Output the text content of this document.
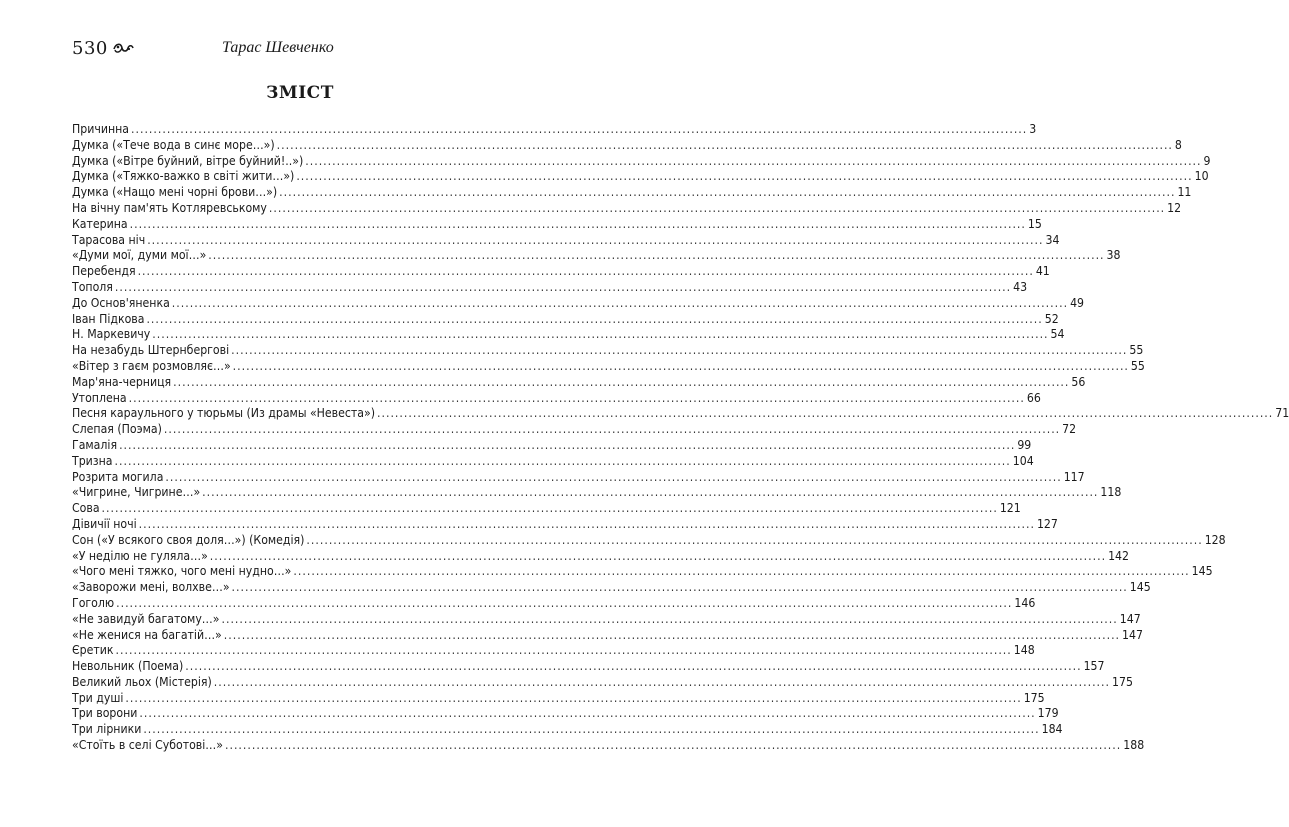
530	Тарас Шевченко
ЗМІСТ
Причинна ........................................................................................................................................................................................................ 3
Думка («Тече вода в синє море…») ........................................................................................................................................................................................................ 8
Думка («Вітре буйний, вітре буйний!..») ........................................................................................................................................................................................................ 9
Думка («Тяжко-важко в світі жити…») ........................................................................................................................................................................................................ 10
Думка («Нащо мені чорні брови…») ........................................................................................................................................................................................................ 11
На вічну пам'ять Котляревському ........................................................................................................................................................................................................ 12
Катерина ........................................................................................................................................................................................................ 15
Тарасова ніч ........................................................................................................................................................................................................ 34
«Думи мої, думи мої…» ........................................................................................................................................................................................................ 38
Перебендя ........................................................................................................................................................................................................ 41
Тополя ........................................................................................................................................................................................................ 43
До Основ'яненка ........................................................................................................................................................................................................ 49
Іван Підкова ........................................................................................................................................................................................................ 52
Н. Маркевичу ........................................................................................................................................................................................................ 54
На незабудь Штернбергові ........................................................................................................................................................................................................ 55
«Вітер з гаєм розмовляє…» ........................................................................................................................................................................................................ 55
Мар'яна-черниця ........................................................................................................................................................................................................ 56
Утоплена ........................................................................................................................................................................................................ 66
Песня караульного у тюрьмы (Из драмы «Невеста») ........................................................................................................................................................................................................ 71
Слепая (Поэма) ........................................................................................................................................................................................................ 72
Гамалія ........................................................................................................................................................................................................ 99
Тризна ........................................................................................................................................................................................................ 104
Розрита могила ........................................................................................................................................................................................................ 117
«Чигрине, Чигрине…» ........................................................................................................................................................................................................ 118
Сова ........................................................................................................................................................................................................ 121
Дівичії ночі ........................................................................................................................................................................................................ 127
Сон («У всякого своя доля…») (Комедія) ........................................................................................................................................................................................................ 128
«У неділю не гуляла…» ........................................................................................................................................................................................................ 142
«Чого мені тяжко, чого мені нудно…» ........................................................................................................................................................................................................ 145
«Заворожи мені, волхве…» ........................................................................................................................................................................................................ 145
Гоголю ........................................................................................................................................................................................................ 146
«Не завидуй багатому…» ........................................................................................................................................................................................................ 147
«Не женися на багатій…» ........................................................................................................................................................................................................ 147
Єретик ........................................................................................................................................................................................................ 148
Невольник (Поема) ........................................................................................................................................................................................................ 157
Великий льох (Містерія) ........................................................................................................................................................................................................ 175
Три душі ........................................................................................................................................................................................................ 175
Три ворони ........................................................................................................................................................................................................ 179
Три лірники ........................................................................................................................................................................................................ 184
«Стоїть в селі Суботові…» ........................................................................................................................................................................................................ 188
